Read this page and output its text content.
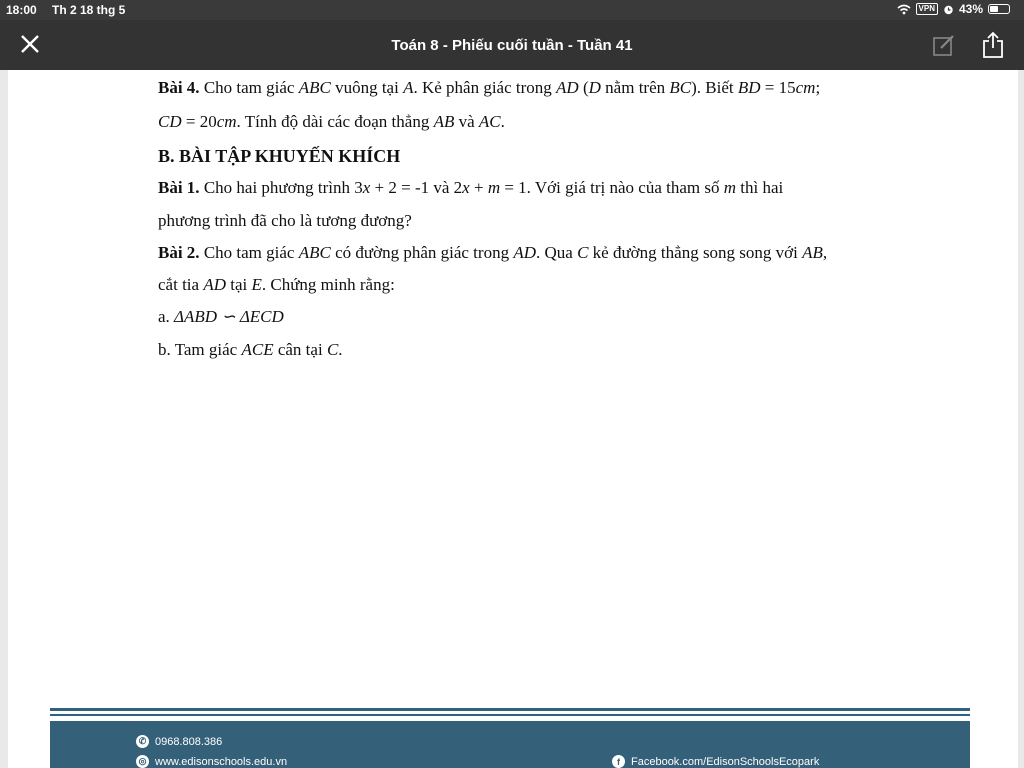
18:00 Th 2 18 thg 5	VPN 43%
Toán 8 - Phiếu cuối tuần - Tuần 41
Bài 4. Cho tam giác ABC vuông tại A. Kẻ phân giác trong AD (D nằm trên BC). Biết BD = 15cm;
CD = 20cm. Tính độ dài các đoạn thẳng AB và AC.
B. BÀI TẬP KHUYẾN KHÍCH
Bài 1. Cho hai phương trình 3x + 2 = -1 và 2x + m = 1. Với giá trị nào của tham số m thì hai
phương trình đã cho là tương đương?
Bài 2. Cho tam giác ABC có đường phân giác trong AD. Qua C kẻ đường thẳng song song với AB,
cắt tia AD tại E. Chứng minh rằng:
a. ΔABD ∽ ΔECD
b. Tam giác ACE cân tại C.
✆ 0968.808.386
◎ www.edisonschools.edu.vn	f	Facebook.com/EdisonSchoolsEcopark
